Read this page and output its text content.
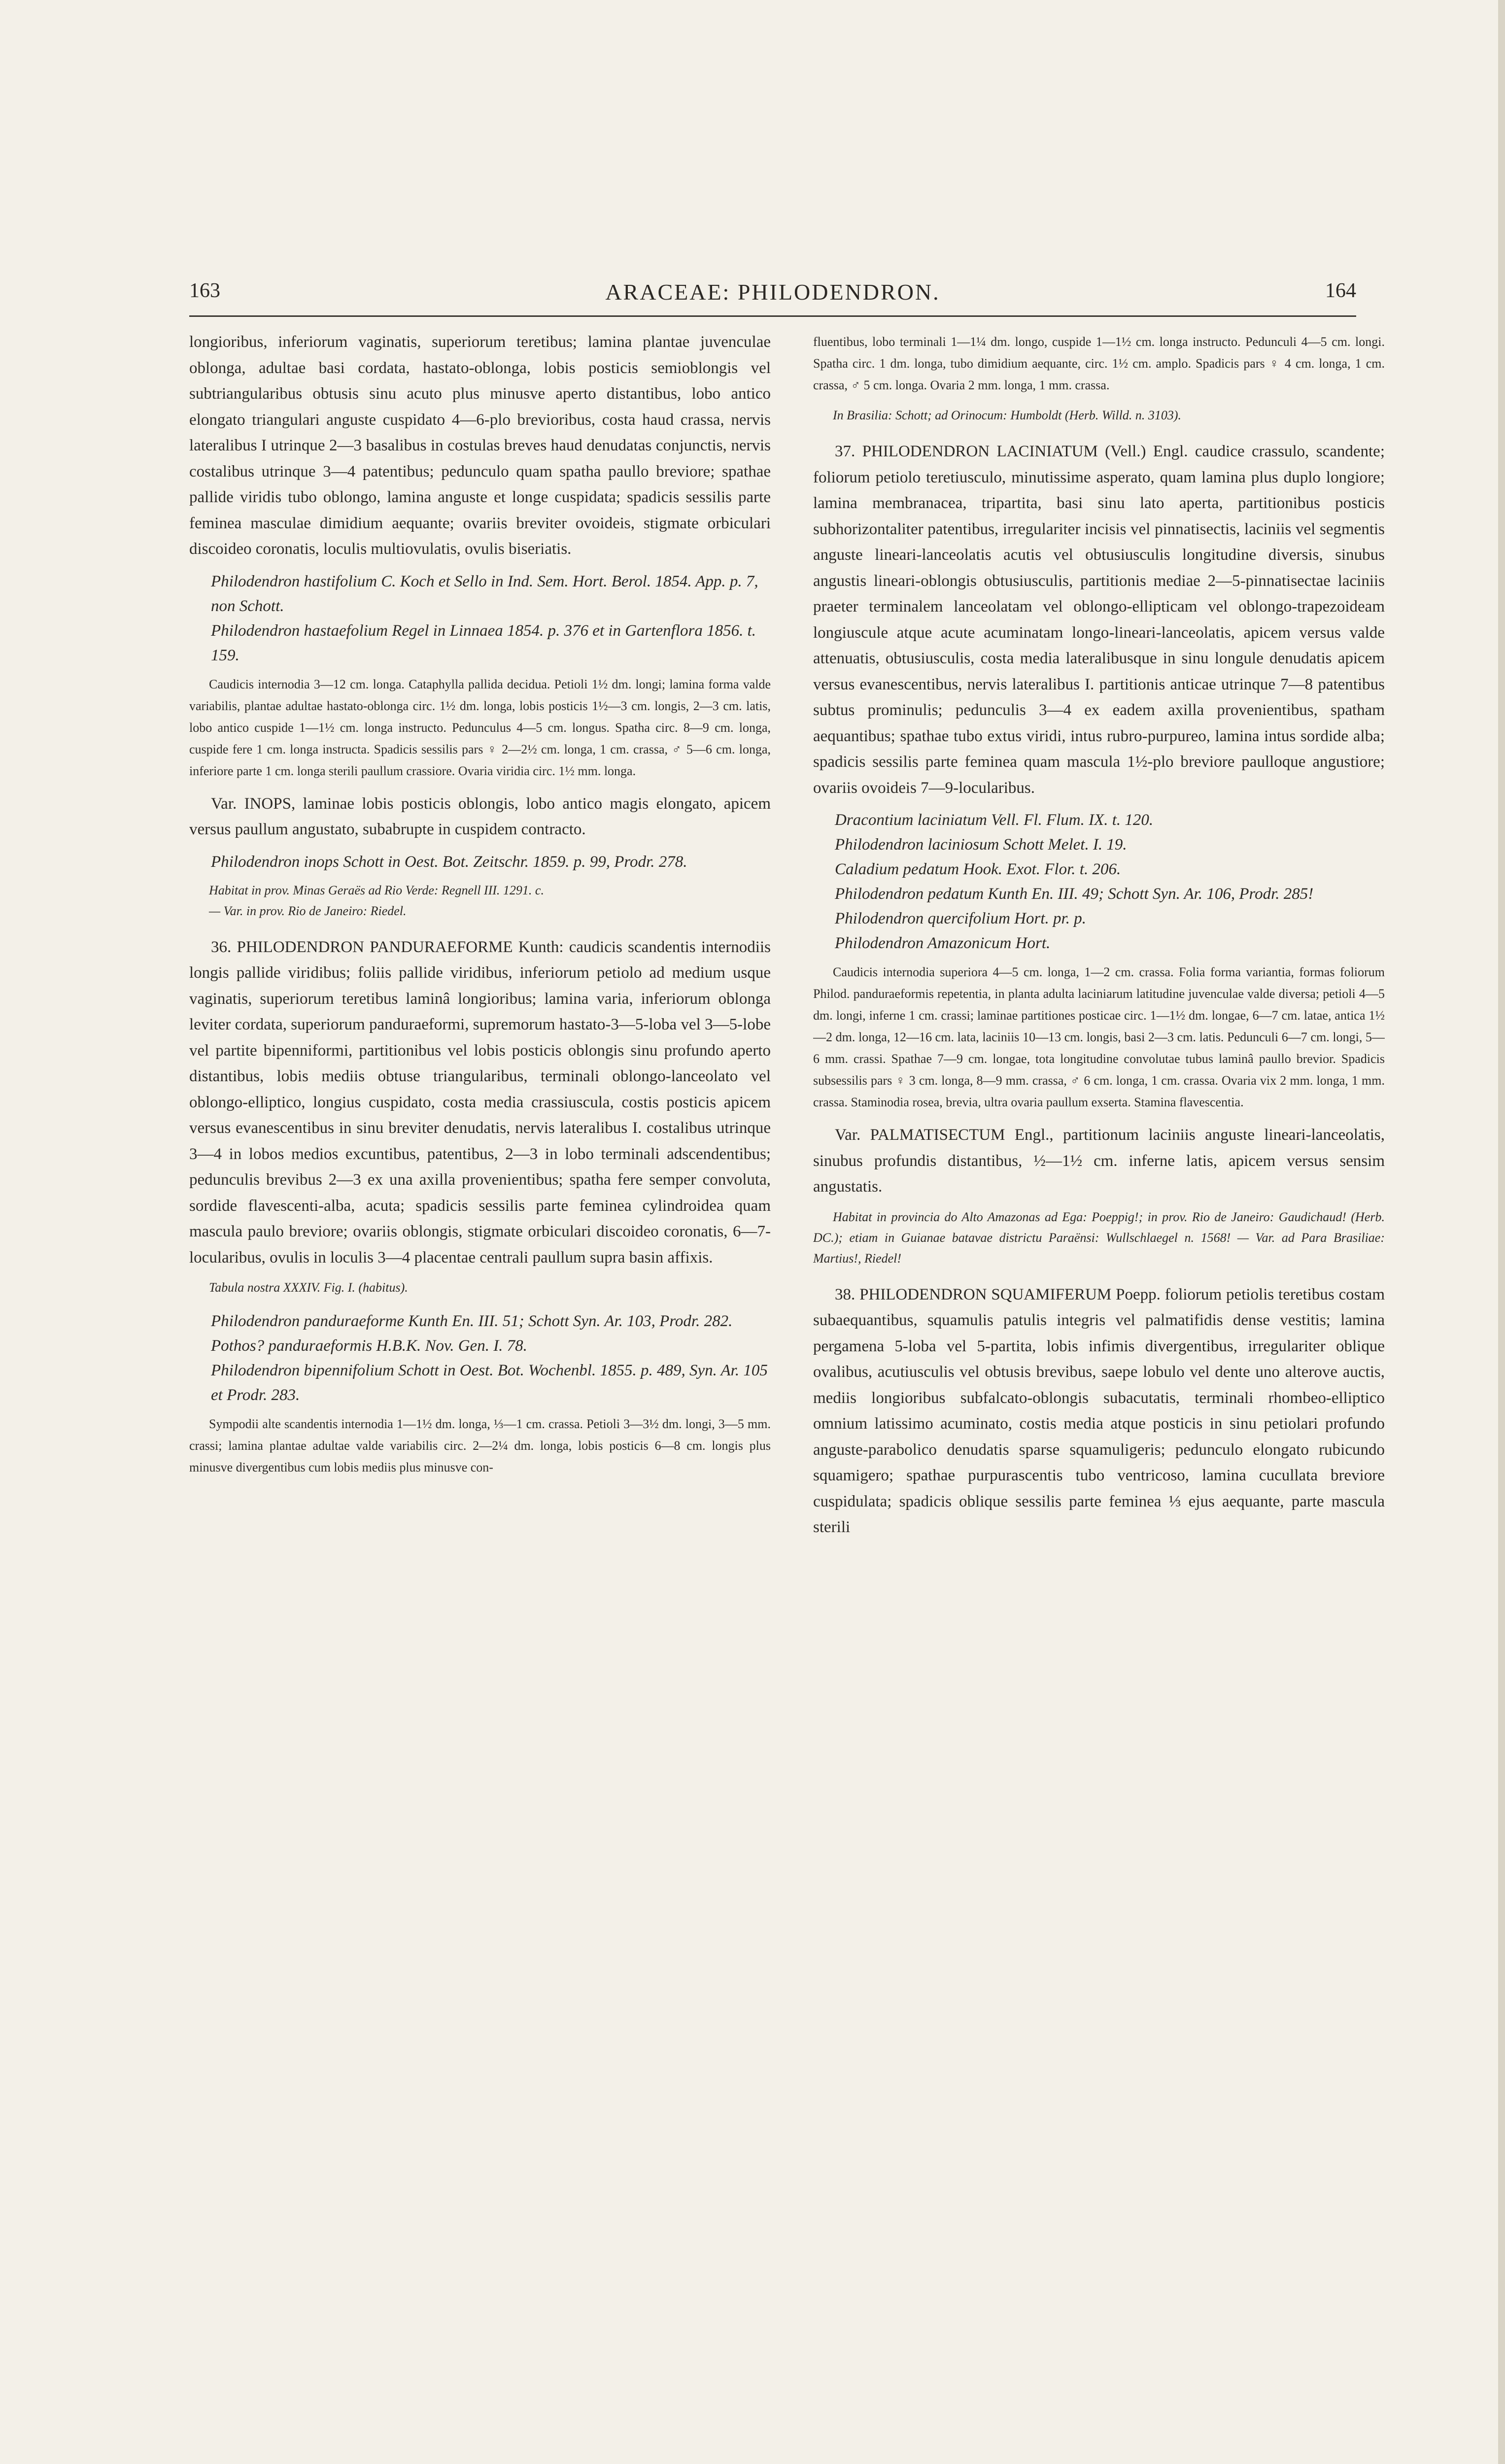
163	ARACEAE: PHILODENDRON.	164

longioribus, inferiorum vaginatis, superiorum teretibus; lamina plantae juvenculae oblonga, adultae basi cordata, hastato-oblonga, lobis posticis semioblongis vel subtriangularibus obtusis sinu acuto plus minusve aperto distantibus, lobo antico elongato triangulari anguste cuspidato 4—6-plo brevioribus, costa haud crassa, nervis lateralibus I utrinque 2—3 basalibus in costulas breves haud denudatas conjunctis, nervis costalibus utrinque 3—4 patentibus; pedunculo quam spatha paullo breviore; spathae pallide viridis tubo oblongo, lamina anguste et longe cuspidata; spadicis sessilis parte feminea masculae dimidium aequante; ovariis breviter ovoideis, stigmate orbiculari discoideo coronatis, loculis multiovulatis, ovulis biseriatis.

Philodendron hastifolium C. Koch et Sello in Ind. Sem. Hort. Berol. 1854. App. p. 7, non Schott.

Philodendron hastaefolium Regel in Linnaea 1854. p. 376 et in Gartenflora 1856. t. 159.

Caudicis internodia 3—12 cm. longa. Cataphylla pallida decidua. Petioli 1½ dm. longi; lamina forma valde variabilis, plantae adultae hastato-oblonga circ. 1½ dm. longa, lobis posticis 1½—3 cm. longis, 2—3 cm. latis, lobo antico cuspide 1—1½ cm. longa instructo. Pedunculus 4—5 cm. longus. Spatha circ. 8—9 cm. longa, cuspide fere 1 cm. longa instructa. Spadicis sessilis pars ♀ 2—2½ cm. longa, 1 cm. crassa, ♂ 5—6 cm. longa, inferiore parte 1 cm. longa sterili paullum crassiore. Ovaria viridia circ. 1½ mm. longa.

Var. INOPS, laminae lobis posticis oblongis, lobo antico magis elongato, apicem versus paullum angustato, subabrupte in cuspidem contracto.

Philodendron inops Schott in Oest. Bot. Zeitschr. 1859. p. 99, Prodr. 278.

Habitat in prov. Minas Geraës ad Rio Verde: Regnell III. 1291. c.
— Var. in prov. Rio de Janeiro: Riedel.

36. PHILODENDRON PANDURAEFORME Kunth: caudicis scandentis internodiis longis pallide viridibus; foliis pallide viridibus, inferiorum petiolo ad medium usque vaginatis, superiorum teretibus laminâ longioribus; lamina varia, inferiorum oblonga leviter cordata, superiorum panduraeformi, supremorum hastato-3—5-loba vel 3—5-lobe vel partite bipenniformi, partitionibus vel lobis posticis oblongis sinu profundo aperto distantibus, lobis mediis obtuse triangularibus, terminali oblongo-lanceolato vel oblongo-elliptico, longius cuspidato, costa media crassiuscula, costis posticis apicem versus evanescentibus in sinu breviter denudatis, nervis lateralibus I. costalibus utrinque 3—4 in lobos medios excuntibus, patentibus, 2—3 in lobo terminali adscendentibus; pedunculis brevibus 2—3 ex una axilla provenientibus; spatha fere semper convoluta, sordide flavescenti-alba, acuta; spadicis sessilis parte feminea cylindroidea quam mascula paulo breviore; ovariis oblongis, stigmate orbiculari discoideo coronatis, 6—7-locularibus, ovulis in loculis 3—4 placentae centrali paullum supra basin affixis.

Tabula nostra XXXIV. Fig. I. (habitus).

Philodendron panduraeforme Kunth En. III. 51; Schott Syn. Ar. 103, Prodr. 282.

Pothos? panduraeformis H.B.K. Nov. Gen. I. 78.

Philodendron bipennifolium Schott in Oest. Bot. Wochenbl. 1855. p. 489, Syn. Ar. 105 et Prodr. 283.

Sympodii alte scandentis internodia 1—1½ dm. longa, ⅓—1 cm. crassa. Petioli 3—3½ dm. longi, 3—5 mm. crassi; lamina plantae adultae valde variabilis circ. 2—2¼ dm. longa, lobis posticis 6—8 cm. longis plus minusve divergentibus cum lobis mediis plus minusve con-

fluentibus, lobo terminali 1—1¼ dm. longo, cuspide 1—1½ cm. longa instructo. Pedunculi 4—5 cm. longi. Spatha circ. 1 dm. longa, tubo dimidium aequante, circ. 1½ cm. amplo. Spadicis pars ♀ 4 cm. longa, 1 cm. crassa, ♂ 5 cm. longa. Ovaria 2 mm. longa, 1 mm. crassa.

In Brasilia: Schott; ad Orinocum: Humboldt (Herb. Willd. n. 3103).

37. PHILODENDRON LACINIATUM (Vell.) Engl. caudice crassulo, scandente; foliorum petiolo teretiusculo, minutissime asperato, quam lamina plus duplo longiore; lamina membranacea, tripartita, basi sinu lato aperta, partitionibus posticis subhorizontaliter patentibus, irregulariter incisis vel pinnatisectis, laciniis vel segmentis anguste lineari-lanceolatis acutis vel obtusiusculis longitudine diversis, sinubus angustis lineari-oblongis obtusiusculis, partitionis mediae 2—5-pinnatisectae laciniis praeter terminalem lanceolatam vel oblongo-ellipticam vel oblongo-trapezoideam longiuscule atque acute acuminatam longo-lineari-lanceolatis, apicem versus valde attenuatis, obtusiusculis, costa media lateralibusque in sinu longule denudatis apicem versus evanescentibus, nervis lateralibus I. partitionis anticae utrinque 7—8 patentibus subtus prominulis; pedunculis 3—4 ex eadem axilla provenientibus, spatham aequantibus; spathae tubo extus viridi, intus rubro-purpureo, lamina intus sordide alba; spadicis sessilis parte feminea quam mascula 1½-plo breviore paulloque angustiore; ovariis ovoideis 7—9-locularibus.

Dracontium laciniatum Vell. Fl. Flum. IX. t. 120.

Philodendron laciniosum Schott Melet. I. 19.

Caladium pedatum Hook. Exot. Flor. t. 206.

Philodendron pedatum Kunth En. III. 49; Schott Syn. Ar. 106, Prodr. 285!

Philodendron quercifolium Hort. pr. p.

Philodendron Amazonicum Hort.

Caudicis internodia superiora 4—5 cm. longa, 1—2 cm. crassa. Folia forma variantia, formas foliorum Philod. panduraeformis repetentia, in planta adulta laciniarum latitudine juvenculae valde diversa; petioli 4—5 dm. longi, inferne 1 cm. crassi; laminae partitiones posticae circ. 1—1½ dm. longae, 6—7 cm. latae, antica 1½—2 dm. longa, 12—16 cm. lata, laciniis 10—13 cm. longis, basi 2—3 cm. latis. Pedunculi 6—7 cm. longi, 5—6 mm. crassi. Spathae 7—9 cm. longae, tota longitudine convolutae tubus laminâ paullo brevior. Spadicis subsessilis pars ♀ 3 cm. longa, 8—9 mm. crassa, ♂ 6 cm. longa, 1 cm. crassa. Ovaria vix 2 mm. longa, 1 mm. crassa. Staminodia rosea, brevia, ultra ovaria paullum exserta. Stamina flavescentia.

Var. PALMATISECTUM Engl., partitionum laciniis anguste lineari-lanceolatis, sinubus profundis distantibus, ½—1½ cm. inferne latis, apicem versus sensim angustatis.

Habitat in provincia do Alto Amazonas ad Ega: Poeppig!; in prov. Rio de Janeiro: Gaudichaud! (Herb. DC.); etiam in Guianae batavae districtu Paraënsi: Wullschlaegel n. 1568! — Var. ad Para Brasiliae: Martius!, Riedel!

38. PHILODENDRON SQUAMIFERUM Poepp. foliorum petiolis teretibus costam subaequantibus, squamulis patulis integris vel palmatifidis dense vestitis; lamina pergamena 5-loba vel 5-partita, lobis infimis divergentibus, irregulariter oblique ovalibus, acutiusculis vel obtusis brevibus, saepe lobulo vel dente uno alterove auctis, mediis longioribus subfalcato-oblongis subacutatis, terminali rhombeo-elliptico omnium latissimo acuminato, costis media atque posticis in sinu petiolari profundo anguste-parabolico denudatis sparse squamuligeris; pedunculo elongato rubicundo squamigero; spathae purpurascentis tubo ventricoso, lamina cucullata breviore cuspidulata; spadicis oblique sessilis parte feminea ⅓ ejus aequante, parte mascula sterili
